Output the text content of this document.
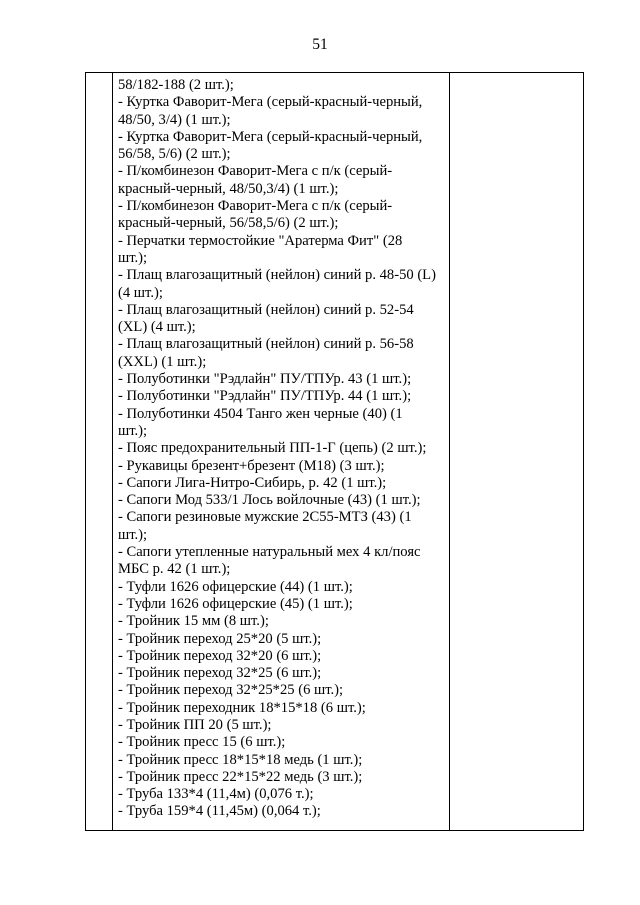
51
58/182-188 (2 шт.);
- Куртка Фаворит-Мега (серый-красный-черный,
48/50, 3/4) (1 шт.);
- Куртка Фаворит-Мега (серый-красный-черный,
56/58, 5/6) (2 шт.);
- П/комбинезон Фаворит-Мега с п/к (серый-
красный-черный, 48/50,3/4) (1 шт.);
- П/комбинезон Фаворит-Мега с п/к (серый-
красный-черный, 56/58,5/6) (2 шт.);
- Перчатки термостойкие "Аратерма Фит" (28
шт.);
- Плащ влагозащитный (нейлон) синий р. 48-50 (L)
(4 шт.);
- Плащ влагозащитный (нейлон) синий р. 52-54
(XL) (4 шт.);
- Плащ влагозащитный (нейлон) синий р. 56-58
(XXL) (1 шт.);
- Полуботинки "Рэдлайн" ПУ/ТПУр. 43 (1 шт.);
- Полуботинки "Рэдлайн" ПУ/ТПУр. 44 (1 шт.);
- Полуботинки 4504 Танго жен черные (40) (1
шт.);
- Пояс предохранительный ПП-1-Г (цепь) (2 шт.);
- Рукавицы брезент+брезент (М18) (3 шт.);
- Сапоги Лига-Нитро-Сибирь, р. 42 (1 шт.);
- Сапоги Мод 533/1 Лось войлочные (43) (1 шт.);
- Сапоги резиновые мужские 2С55-МТЗ (43) (1
шт.);
- Сапоги утепленные натуральный мех 4 кл/пояс
МБС р. 42 (1 шт.);
- Туфли 1626 офицерские (44) (1 шт.);
- Туфли 1626 офицерские (45) (1 шт.);
- Тройник 15 мм (8 шт.);
- Тройник переход 25*20 (5 шт.);
- Тройник переход 32*20 (6 шт.);
- Тройник переход 32*25 (6 шт.);
- Тройник переход 32*25*25 (6 шт.);
- Тройник переходник 18*15*18 (6 шт.);
- Тройник ПП 20 (5 шт.);
- Тройник пресс 15 (6 шт.);
- Тройник пресс 18*15*18 медь (1 шт.);
- Тройник пресс 22*15*22 медь (3 шт.);
- Труба 133*4 (11,4м) (0,076 т.);
- Труба 159*4 (11,45м) (0,064 т.);
